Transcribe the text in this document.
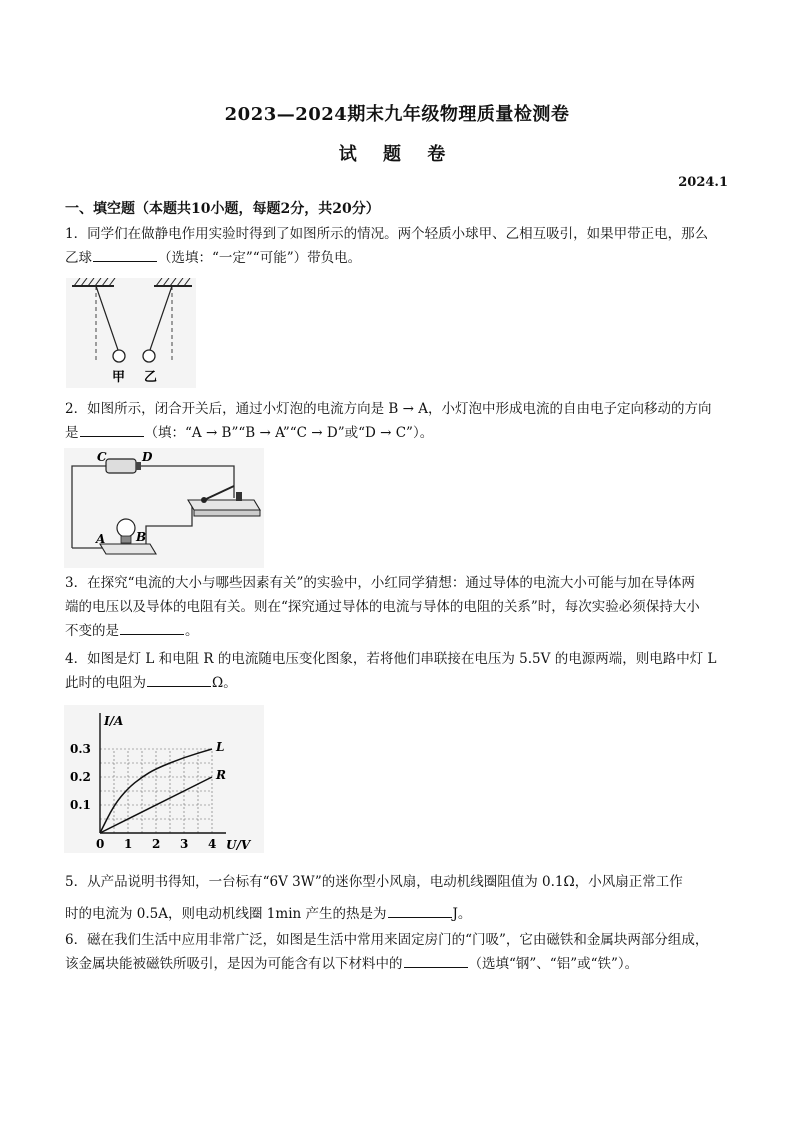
2023—2024期末九年级物理质量检测卷
试 题 卷
2024.1
一、填空题（本题共10小题，每题2分，共20分）
1．同学们在做静电作用实验时得到了如图所示的情况。两个轻质小球甲、乙相互吸引，如果甲带正电，那么
乙球	（选填：“一定”“可能”）带负电。
甲 乙
2．如图所示，闭合开关后，通过小灯泡的电流方向是 B → A，小灯泡中形成电流的自由电子定向移动的方向
是	（填：“A → B”“B → A”“C → D”或“D → C”）。
C	D
A	B
3．在探究“电流的大小与哪些因素有关”的实验中，小红同学猜想：通过导体的电流大小可能与加在导体两
端的电压以及导体的电阻有关。则在“探究通过导体的电流与导体的电阻的关系”时，每次实验必须保持大小
不变的是	。
4．如图是灯 L 和电阻 R 的电流随电压变化图象，若将他们串联接在电压为 5.5V 的电源两端，则电路中灯 L
此时的电阻为	Ω。
I/A
U/V
0 1 2 3 4
0.1
0.2
0.3	L
R
5．从产品说明书得知，一台标有“6V 3W”的迷你型小风扇，电动机线圈阻值为 0.1Ω，小风扇正常工作
时的电流为 0.5A，则电动机线圈 1min 产生的热是为	J。
6．磁在我们生活中应用非常广泛，如图是生活中常用来固定房门的“门吸”，它由磁铁和金属块两部分组成，
该金属块能被磁铁所吸引，是因为可能含有以下材料中的	（选填“钢”、“铝”或“铁”）。
